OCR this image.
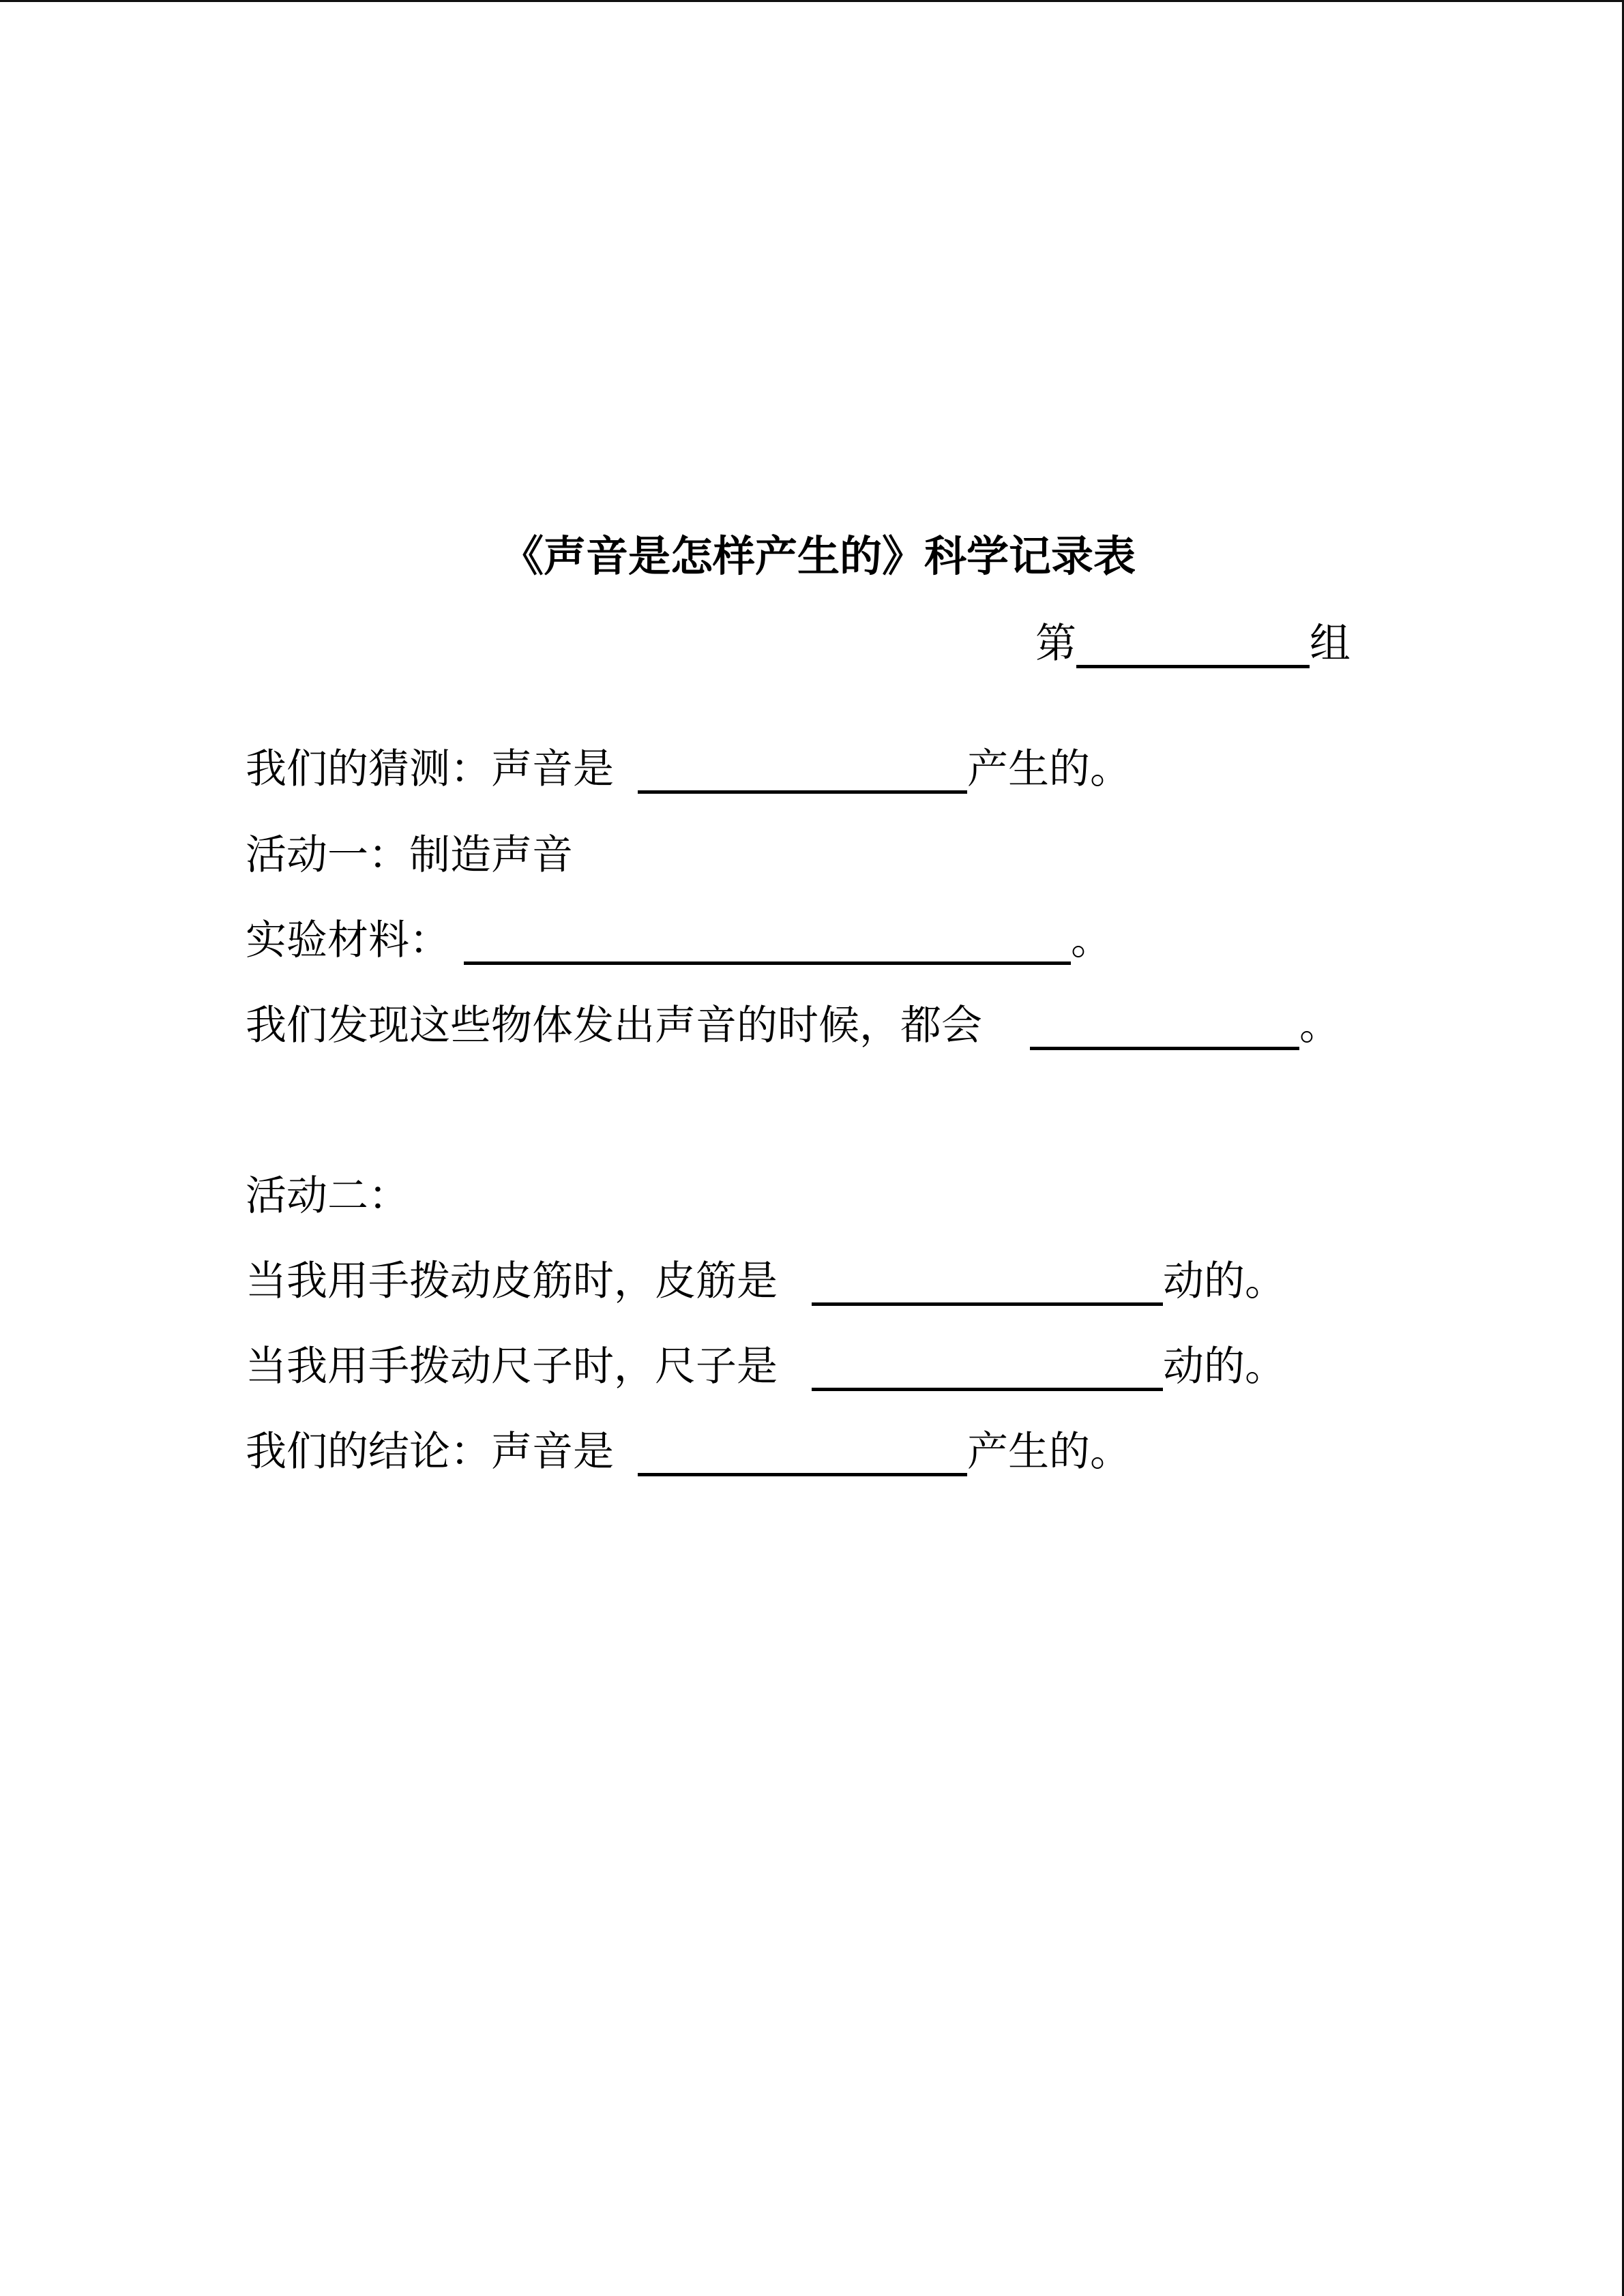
《声音是怎样产生的》科学记录表
第	组
我们的猜测：声音是	产生的。
活动一：制造声音
实验材料：	。
我们发现这些物体发出声音的时候，都会	。
活动二：
当我用手拨动皮筋时，皮筋是	动的。
当我用手拨动尺子时，尺子是	动的。
我们的结论：声音是	产生的。
